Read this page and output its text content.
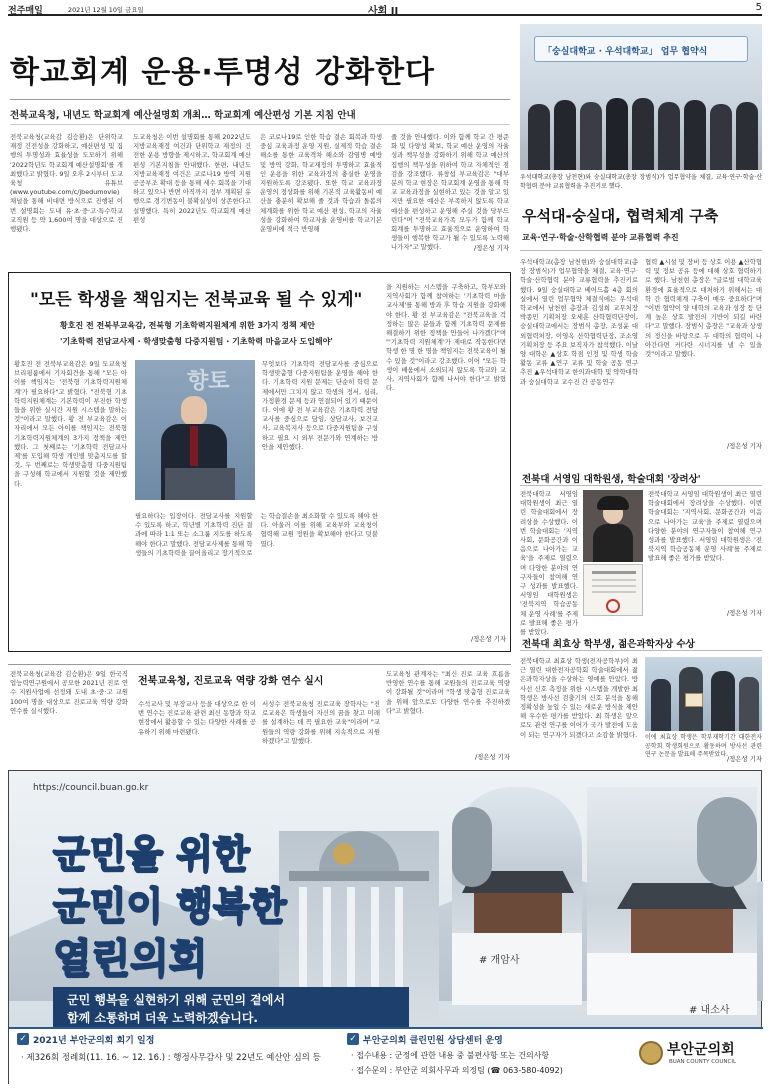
전주매일	2021년 12월 10일 금요일	사회 II	5
학교회계 운용·투명성 강화한다
전북교육청, 내년도 학교회계 예산설명회 개최… 학교회계 예산편성 기본 지침 안내
전북교육청(교육감 김승환)은 단위학교 재정 건전성을 강화하고, 예산편성 및 집행의 투명성과 효율성을 도모하기 위해 '2022학년도 학교회계 예산설명회'를 개최했다고 밝혔다. 9일 오후 2시부터 도교육청 유튜브(www.youtube.com/c/jbedumovie) 채널을 통해 비대면 방식으로 진행된 이번 설명회는 도내 유·초·중·고·특수학교 교직원 등 약 1,600여 명을 대상으로 진행됐다.
도교육청은 이번 설명회를 통해 2022년도 지방교육재정 여건과 단위학교 재정의 건전한 운용 방향을 제시하고, 학교회계 예산편성 기본지침을 안내했다. 한편, 내년도 지방교육재정 여건은 코로나19 방역 지원 공공부조 확대 등을 통해 세수 회복을 기대하고 있으나 반면 아직까지 정부 계획된 유행으로 경기변동이 불확실성이 상존한다고 설명했다. 특히 2022년도 학교회계 예산편성
은 코로나19로 인한 학습 결손 회복과 학생 중심 교육과정 운영 지원, 실제적 학습 결손 해소를 통한 교육격차 해소와 감염병 예방 및 방역 강화, 학교재정의 투명하고 효율적인 운용을 위한 교육과정의 충실한 운영을 지원하도록 강조됐다. 또한 학교 교육과정 운영의 정상화를 위해 기본적 교육활동비 예산을 충분히 확보해 줄 것과 학습과 돌봄의 체계화를 위한 학교 예산 편성, 학교의 자율성을 강화하여 학교자율 운영비를 학교기본운영비에 적극 반영해
줄 것을 안내했다. 이와 함께 학교 간 평준화 및 다양성 확보, 학교 예산 운영의 자율성과 책무성을 강화하기 위해 학교 예산의 집행의 책무성을 위하여 학교 자체적인 점검을 강조했다. 류창섭 부교육감은 "대부분의 학교 현장은 학교회계 운영을 통해 학교 교육과정을 실현하고 있는 것을 알고 있지만 필요한 예산은 부족하지 않도록 학교 예산을 편성하고 운영해 주실 것을 당부드린다"며 "전북교육가족 모두가 함께 학교회계를 투명하고 효율적으로 운영하여 학생들이 행복한 학교가 될 수 있도록 노력해 나가자"고 말했다.	/정은성 기자
「숭실대학교 · 우석대학교」 업무 협약식
우석대학교(총장 남천현)와 숭실대학교(총장 장범식)가 업무협약을 체결, 교육·연구·학술·산학협력 분야 교류협력을 추진키로 했다.
우석대-숭실대, 협력체계 구축
교육·연구·학술·산학협력 분야 교류협력 추진
우석대학교(총장 남천현)와 숭실대학교(총장 장범식)가 업무협약을 체결, 교육·연구·학술·산학협력 분야 교류협력을 추진키로 했다. 9일 숭실대학교 베어드홀 4층 회의실에서 열린 업무협약 체결식에는 우석대학교에서 남천현 총장과 김성희 교무처장 박종민 기획처장 오세훈 산학협력단장이, 숭실대학교에서는 장범식 총장, 조성윤 대외협력처장, 이영옥 산학협력단장, 조소영 기획처장 등 주요 보직자가 참석했다. 이날 양 대학은 ▲상호 학점 인정 및 학생 학술 활동 교류 ▲연구 교류 및 학술 공동 연구 추진 ▲우석대학교 한의과대학 및 약학대학과 숭실대학교 교수진 간 공동연구
협력 ▲시설 및 장비 등 상호 이용 ▲산학협력 및 정보 공유 등에 대해 상호 협력하기로 했다. 남천현 총장은 "글로벌 대학교육 환경에 효율적으로 대처하기 위해서는 대학 간 협력체계 구축이 매우 중요하다"며 "이번 협약이 양 대학의 교육과 성장 등 단계 높은 상호 발전의 기반이 되길 바란다"고 말했다. 장범식 총장은 "교육과 상생의 정신을 바탕으로 두 대학의 협력이 나아간다면 커다란 시너지를 낼 수 있을 것"이라고 말했다.
/정은성 기자
"모든 학생을 책임지는 전북교육 될 수 있게"
황호진 전 전북부교육감, 전북형 기초학력지원체계 위한 3가지 정책 제안
'기초학력 전담교사제 · 학생맞춤형 다중지원팀 · 기초학력 마을교사 도입해야'
황호진 전 전북부교육감은 9일 도교육청 브리핑룸에서 기자회견을 통해 "모든 아이를 책임지는 '전북형 기초학력지원체계'가 필요하다"고 밝혔다. "전북형 기초학력지원체계는 기본학력이 부진한 학생들을 위한 실시간 지원 시스템을 말하는 것"이라고 말했다. 황 전 부교육감은 이 자리에서 모든 아이를 책임지는 전북형 기초학력지원체계의 3가지 정책을 제안했다. 그 첫째로는 '기초학력 전담교사제'를 도입해 학생 개인별 맞춤지도를 할 것, 두 번째로는 학생맞춤형 다중지원팀을 구성해 학교에서 지원할 것을 제안했다.
향토
무엇보다 기초학력 전담교사를 중심으로 학생맞춤형 다중지원팀을 운영을 해야 한다. 기초학력 지원 문제는 단순히 학력 문제에서만 그치지 않고 학생의 정서, 심리, 가정환경 문제 등과 연결되어 있기 때문이다. 이에 황 전 부교육감은 기초학력 전담교사를 중심으로 담임, 상담교사, 보건교사, 교육복지사 등으로 다중지원팀을 구성하고 필요 시 외부 전문가와 연계하는 방안을 제안했다.
필요하다는 입장이다. 전담교사를 지원할 수 있도록 하고, 학년별 기초학력 진단 결과에 따라 1:1 또는 소그룹 지도를 하도록 해야 한다고 말했다. 전담교사제를 통해 학생들의 기초학력을 끌어올리고 장기적으로는 학습결손을 최소화할 수 있도록 해야 한다. 아울러 이를 위해 교육부와 교육청이 협력해 교원 정원을 확보해야 한다고 덧붙였다.
을 지원하는 시스템을 구축하고, 학부모와 지역사회가 함께 참여하는 '기초학력 마을교사제'를 통해 방과 후 학습 지원을 강화해야 한다. 황 전 부교육감은 "전북교육을 걱정하는 많은 분들과 함께 기초학력 문제를 해결하기 위한 정책을 만들어 나가겠다"며 "'기초학력 지원체계'가 제대로 작동한다면 학생 한 명 한 명을 책임지는 전북교육이 될 수 있을 것"이라고 강조했다. 이어 "모든 학생이 배움에서 소외되지 않도록 학교와 교사, 지역사회가 함께 나서야 한다"고 밝혔다.
/정은성 기자
전북대 서영임 대학원생, 학술대회 '장려상'
전북대학교 서영임 대학원생이 최근 열린 학술대회에서 장려상을 수상했다. 이번 학술대회는 '지역사회, 문화공간과 이음으로 나아가는 교육'을 주제로 열렸으며 다양한 분야의 연구자들이 참여해 연구 성과를 발표했다. 서영임 대학원생은 '전북지역 학습공동체 운영 사례'를 주제로 발표해 좋은 평가를 받았다.
전북대학교 서영임 대학원생이 최근 열린 학술대회에서 장려상을 수상했다. 이번 학술대회는 '지역사회, 문화공간과 이음으로 나아가는 교육'을 주제로 열렸으며 다양한 분야의 연구자들이 참여해 연구 성과를 발표했다. 서영임 대학원생은 '전북지역 학습공동체 운영 사례'를 주제로 발표해 좋은 평가를 받았다.
/정은성 기자
전북대 최효상 학부생, 젊은과학자상 수상
전북대학교 최효상 학생(전자공학부)이 최근 열린 대한전자공학회 학술대회에서 젊은과학자상을 수상하는 영예를 안았다. 방사선 신호 측정을 위한 시스템을 개발한 최 학생은 방사선 검출기의 신호 분석을 통해 정확성을 높일 수 있는 새로운 방식을 제안해 우수한 평가를 받았다. 최 학생은 앞으로도 관련 연구를 이어가 국가 발전에 도움이 되는 연구자가 되겠다고 소감을 밝혔다. 이에 최효상 학생은 학부재학기간 대한전자공학회 학생회원으로 활동하며 방사선 관련 연구 논문을 발표해 주목받았다.
/정은성 기자
전북교육청(교육감 김승환)은 9일 한국직업능력연구원에서 공모한 2021년 진로 연수 지원사업에 선정돼 도내 초·중·고 교원 100여 명을 대상으로 진로교육 역량 강화 연수를 실시했다.
전북교육청, 진로교육 역량 강화 연수 실시
수석교사 및 부장교사 등을 대상으로 한 이번 연수는 진로교육 관련 최신 동향과 학교 현장에서 활용할 수 있는 다양한 사례를 공유하기 위해 마련됐다.
서성수 전북교육청 진로교육 장학사는 "진로교육은 학생들이 자신의 꿈을 찾고 미래를 설계하는 데 꼭 필요한 교육"이라며 "교원들의 역량 강화를 위해 지속적으로 지원하겠다"고 말했다.
도교육청 관계자는 "최신 진로 교육 흐름을 반영한 연수를 통해 교원들의 진로교육 역량이 강화될 것"이라며 "학생 맞춤형 진로교육을 위해 앞으로도 다양한 연수를 추진하겠다"고 밝혔다.
/정은성 기자
# 개암사
# 내소사
https://council.buan.go.kr
군민을 위한
군민이 행복한
열린의회
군민 행복을 실현하기 위해 군민의 곁에서
함께 소통하며 더욱 노력하겠습니다.
✓ 2021년 부안군의회 회기 일정
· 제326회 정례회(11. 16. ~ 12. 16.) : 행정사무감사 및 22년도 예산안 심의 등
✓ 부안군의회 클린민원 상담센터 운영
· 접수내용 : 군정에 관한 내용 중 불편사항 또는 건의사항
· 접수문의 : 부안군 의회사무과 의정팀 (☎ 063-580-4092)
부안군의회
BUAN COUNTY COUNCIL
